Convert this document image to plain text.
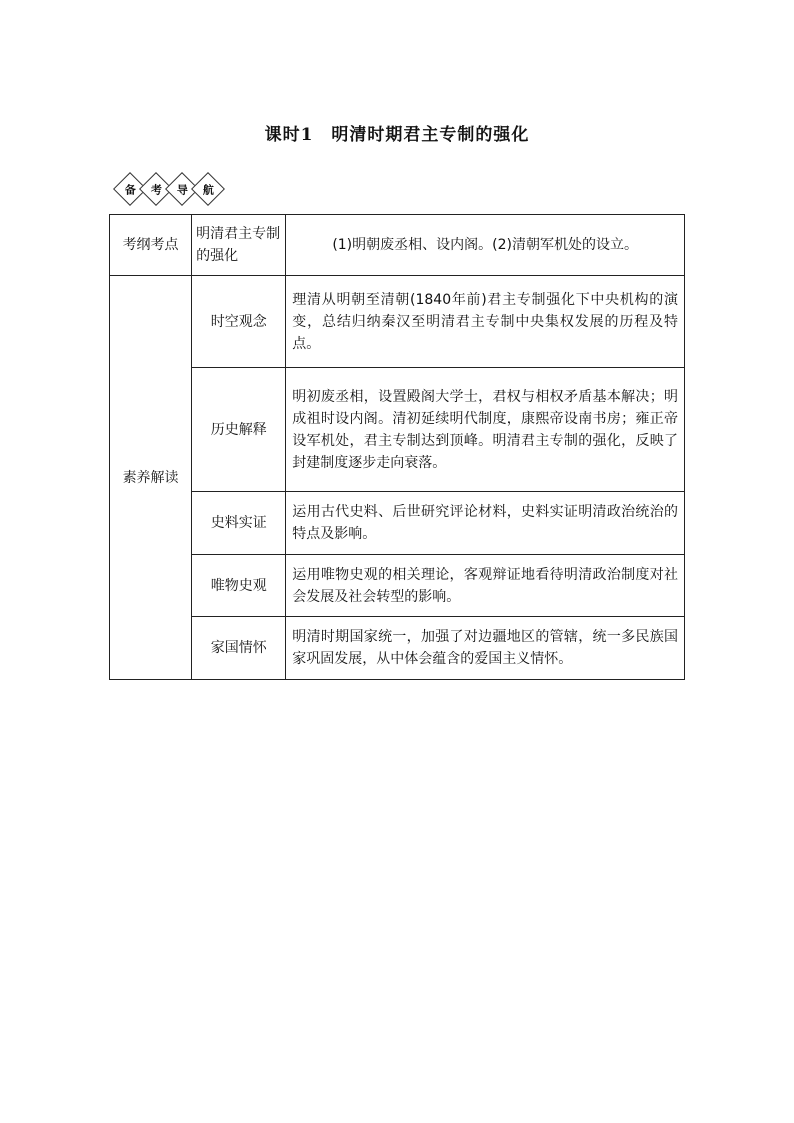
课时1　明清时期君主专制的强化
备 考 导 航
考纲考点	明清君主专制的强化	(1)明朝废丞相、设内阁。(2)清朝军机处的设立。
素养解读	时空观念	理清从明朝至清朝(1840年前)君主专制强化下中央机构的演变，总结归纳秦汉至明清君主专制中央集权发展的历程及特点。
	历史解释	明初废丞相，设置殿阁大学士，君权与相权矛盾基本解决；明成祖时设内阁。清初延续明代制度，康熙帝设南书房；雍正帝设军机处，君主专制达到顶峰。明清君主专制的强化，反映了封建制度逐步走向衰落。
	史料实证	运用古代史料、后世研究评论材料，史料实证明清政治统治的特点及影响。
	唯物史观	运用唯物史观的相关理论，客观辩证地看待明清政治制度对社会发展及社会转型的影响。
	家国情怀	明清时期国家统一，加强了对边疆地区的管辖，统一多民族国家巩固发展，从中体会蕴含的爱国主义情怀。
